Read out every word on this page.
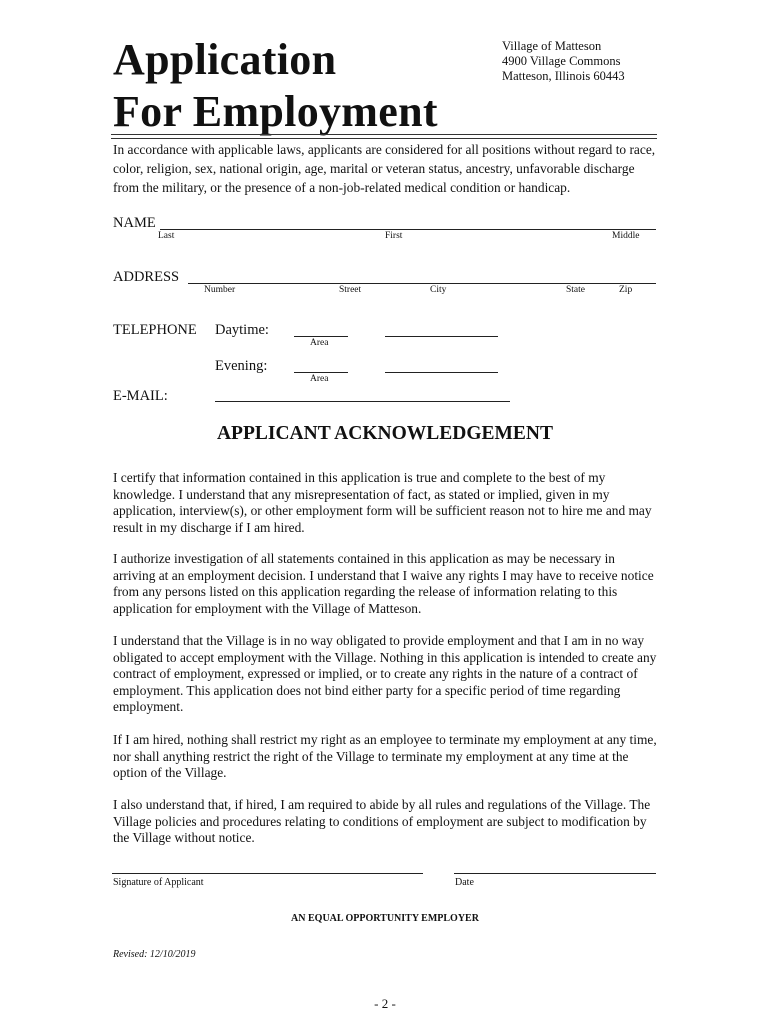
Application
For Employment
Village of Matteson
4900 Village Commons
Matteson, Illinois 60443
In accordance with applicable laws, applicants are considered for all positions without regard to race, color, religion, sex, national origin, age, marital or veteran status, ancestry, unfavorable discharge from the military, or the presence of a non-job-related medical condition or handicap.
NAME
Last	First	Middle
ADDRESS
Number	Street	City	State	Zip
TELEPHONE Daytime:
Area
Evening:
Area
E-MAIL:
APPLICANT ACKNOWLEDGEMENT
I certify that information contained in this application is true and complete to the best of my knowledge. I understand that any misrepresentation of fact, as stated or implied, given in my application, interview(s), or other employment form will be sufficient reason not to hire me and may result in my discharge if I am hired.
I authorize investigation of all statements contained in this application as may be necessary in arriving at an employment decision. I understand that I waive any rights I may have to receive notice from any persons listed on this application regarding the release of information relating to this application for employment with the Village of Matteson.
I understand that the Village is in no way obligated to provide employment and that I am in no way obligated to accept employment with the Village. Nothing in this application is intended to create any contract of employment, expressed or implied, or to create any rights in the nature of a contract of employment. This application does not bind either party for a specific period of time regarding employment.
If I am hired, nothing shall restrict my right as an employee to terminate my employment at any time, nor shall anything restrict the right of the Village to terminate my employment at any time at the option of the Village.
I also understand that, if hired, I am required to abide by all rules and regulations of the Village. The Village policies and procedures relating to conditions of employment are subject to modification by the Village without notice.
Signature of Applicant	Date
AN EQUAL OPPORTUNITY EMPLOYER
Revised: 12/10/2019
- 2 -
